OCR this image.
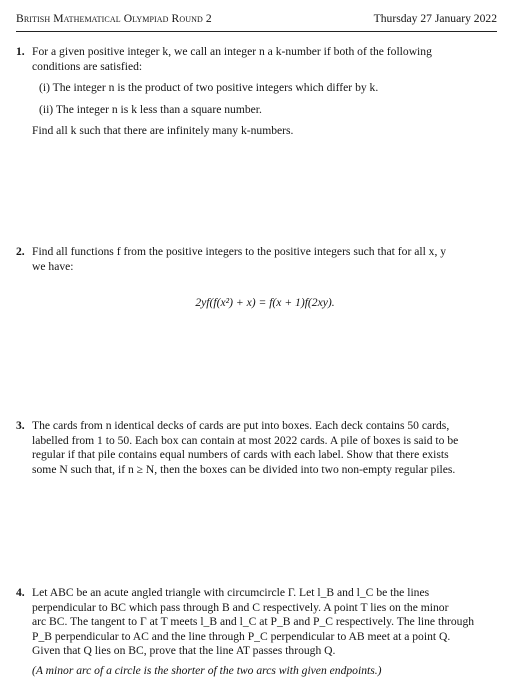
British Mathematical Olympiad Round 2	Thursday 27 January 2022
1. For a given positive integer k, we call an integer n a k-number if both of the following
conditions are satisfied:
(i) The integer n is the product of two positive integers which differ by k.
(ii) The integer n is k less than a square number.
Find all k such that there are infinitely many k-numbers.
2. Find all functions f from the positive integers to the positive integers such that for all x, y
we have:
2yf(f(x²) + x) = f(x + 1)f(2xy).
3. The cards from n identical decks of cards are put into boxes. Each deck contains 50 cards,
labelled from 1 to 50. Each box can contain at most 2022 cards. A pile of boxes is said to be
regular if that pile contains equal numbers of cards with each label. Show that there exists
some N such that, if n ≥ N, then the boxes can be divided into two non-empty regular piles.
4. Let ABC be an acute angled triangle with circumcircle Γ. Let l_B and l_C be the lines
perpendicular to BC which pass through B and C respectively. A point T lies on the minor
arc BC. The tangent to Γ at T meets l_B and l_C at P_B and P_C respectively. The line through
P_B perpendicular to AC and the line through P_C perpendicular to AB meet at a point Q.
Given that Q lies on BC, prove that the line AT passes through Q.
(A minor arc of a circle is the shorter of the two arcs with given endpoints.)
